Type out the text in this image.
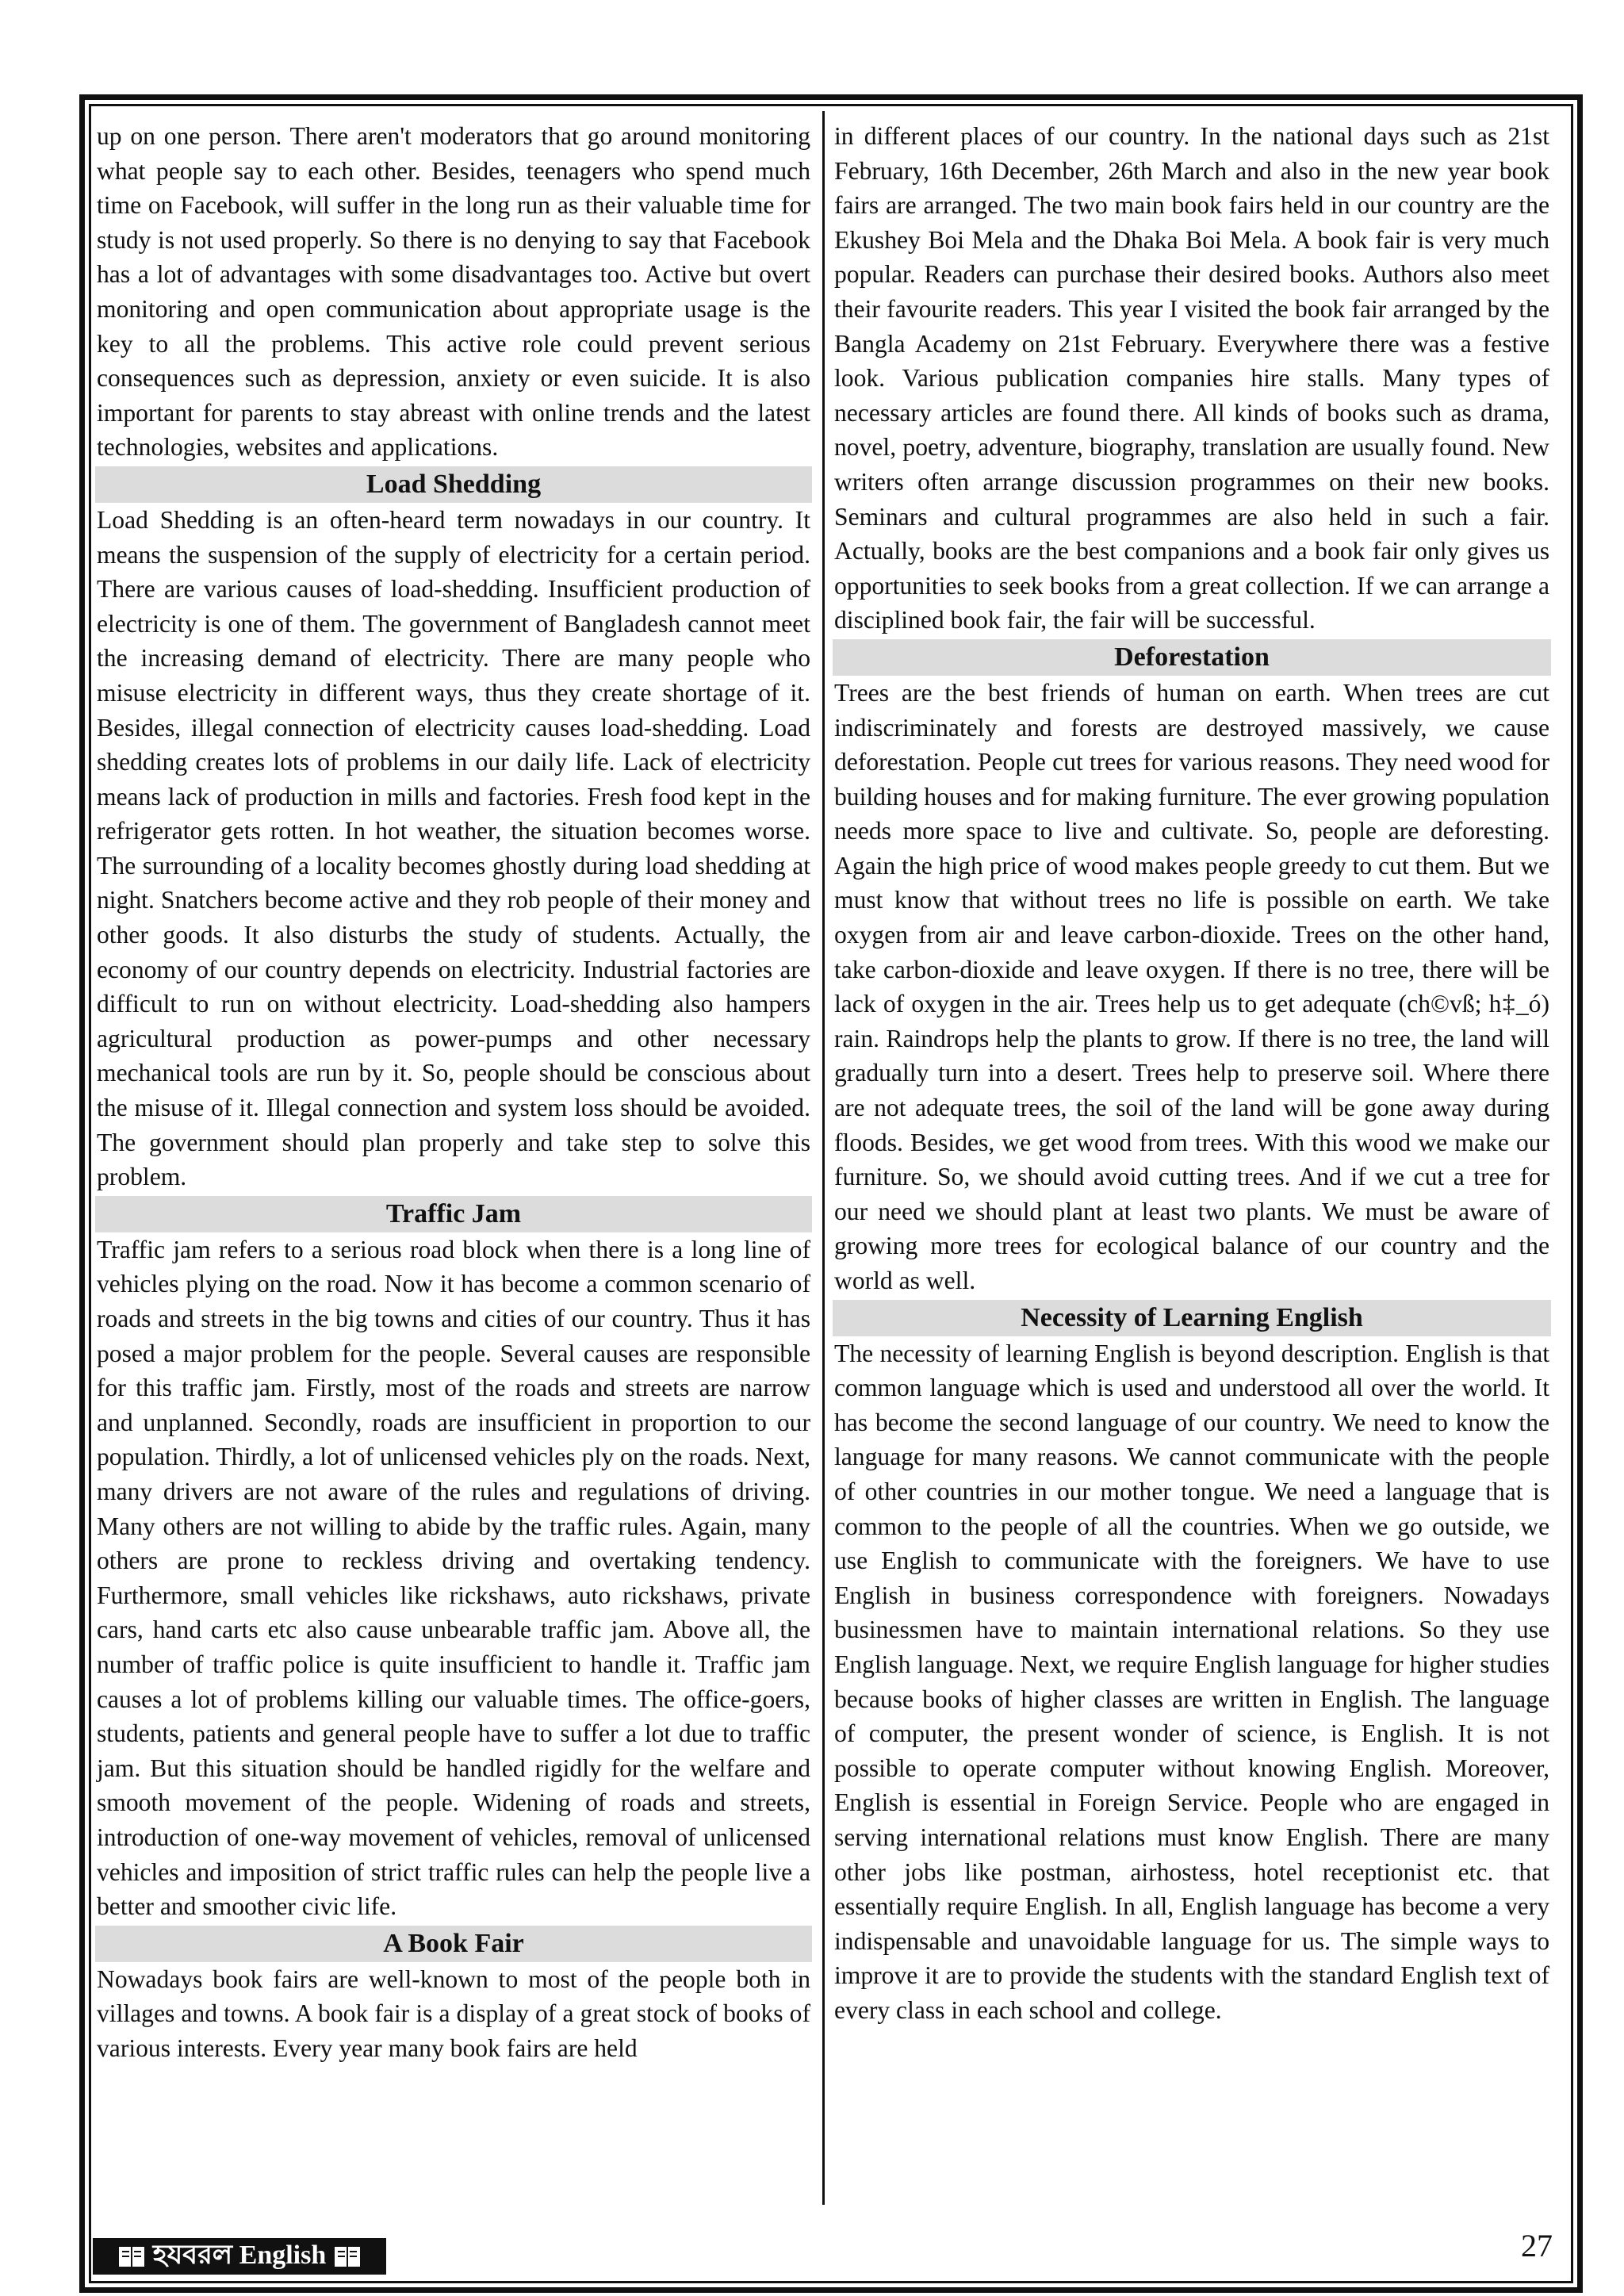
up on one person. There aren't moderators that go around monitoring what people say to each other. Besides, teenagers who spend much time on Facebook, will suffer in the long run as their valuable time for study is not used properly. So there is no denying to say that Facebook has a lot of advantages with some disadvantages too. Active but overt monitoring and open communication about appropriate usage is the key to all the problems. This active role could prevent serious consequences such as depression, anxiety or even suicide. It is also important for parents to stay abreast with online trends and the latest technologies, websites and applications.

Load Shedding

Load Shedding is an often-heard term nowadays in our country. It means the suspension of the supply of electricity for a certain period. There are various causes of load-shedding. Insufficient production of electricity is one of them. The government of Bangladesh cannot meet the increasing demand of electricity. There are many people who misuse electricity in different ways, thus they create shortage of it. Besides, illegal connection of electricity causes load-shedding. Load shedding creates lots of problems in our daily life. Lack of electricity means lack of production in mills and factories. Fresh food kept in the refrigerator gets rotten. In hot weather, the situation becomes worse. The surrounding of a locality becomes ghostly during load shedding at night. Snatchers become active and they rob people of their money and other goods. It also disturbs the study of students. Actually, the economy of our country depends on electricity. Industrial factories are difficult to run on without electricity. Load-shedding also hampers agricultural production as power-pumps and other necessary mechanical tools are run by it. So, people should be conscious about the misuse of it. Illegal connection and system loss should be avoided. The government should plan properly and take step to solve this problem.

Traffic Jam

Traffic jam refers to a serious road block when there is a long line of vehicles plying on the road. Now it has become a common scenario of roads and streets in the big towns and cities of our country. Thus it has posed a major problem for the people. Several causes are responsible for this traffic jam. Firstly, most of the roads and streets are narrow and unplanned. Secondly, roads are insufficient in proportion to our population. Thirdly, a lot of unlicensed vehicles ply on the roads. Next, many drivers are not aware of the rules and regulations of driving. Many others are not willing to abide by the traffic rules. Again, many others are prone to reckless driving and overtaking tendency. Furthermore, small vehicles like rickshaws, auto rickshaws, private cars, hand carts etc also cause unbearable traffic jam. Above all, the number of traffic police is quite insufficient to handle it. Traffic jam causes a lot of problems killing our valuable times. The office-goers, students, patients and general people have to suffer a lot due to traffic jam. But this situation should be handled rigidly for the welfare and smooth movement of the people. Widening of roads and streets, introduction of one-way movement of vehicles, removal of unlicensed vehicles and imposition of strict traffic rules can help the people live a better and smoother civic life.

A Book Fair

Nowadays book fairs are well-known to most of the people both in villages and towns. A book fair is a display of a great stock of books of various interests. Every year many book fairs are held

in different places of our country. In the national days such as 21st February, 16th December, 26th March and also in the new year book fairs are arranged. The two main book fairs held in our country are the Ekushey Boi Mela and the Dhaka Boi Mela. A book fair is very much popular. Readers can purchase their desired books. Authors also meet their favourite readers. This year I visited the book fair arranged by the Bangla Academy on 21st February. Everywhere there was a festive look. Various publication companies hire stalls. Many types of necessary articles are found there. All kinds of books such as drama, novel, poetry, adventure, biography, translation are usually found. New writers often arrange discussion programmes on their new books. Seminars and cultural programmes are also held in such a fair. Actually, books are the best companions and a book fair only gives us opportunities to seek books from a great collection. If we can arrange a disciplined book fair, the fair will be successful.

Deforestation

Trees are the best friends of human on earth. When trees are cut indiscriminately and forests are destroyed massively, we cause deforestation. People cut trees for various reasons. They need wood for building houses and for making furniture. The ever growing population needs more space to live and cultivate. So, people are deforesting. Again the high price of wood makes people greedy to cut them. But we must know that without trees no life is possible on earth. We take oxygen from air and leave carbon-dioxide. Trees on the other hand, take carbon-dioxide and leave oxygen. If there is no tree, there will be lack of oxygen in the air. Trees help us to get adequate (ch©vß; h‡_ó) rain. Raindrops help the plants to grow. If there is no tree, the land will gradually turn into a desert. Trees help to preserve soil. Where there are not adequate trees, the soil of the land will be gone away during floods. Besides, we get wood from trees. With this wood we make our furniture. So, we should avoid cutting trees. And if we cut a tree for our need we should plant at least two plants. We must be aware of growing more trees for ecological balance of our country and the world as well.

Necessity of Learning English

The necessity of learning English is beyond description. English is that common language which is used and understood all over the world. It has become the second language of our country. We need to know the language for many reasons. We cannot communicate with the people of other countries in our mother tongue. We need a language that is common to the people of all the countries. When we go outside, we use English to communicate with the foreigners. We have to use English in business correspondence with foreigners. Nowadays businessmen have to maintain international relations. So they use English language. Next, we require English language for higher studies because books of higher classes are written in English. The language of computer, the present wonder of science, is English. It is not possible to operate computer without knowing English. Moreover, English is essential in Foreign Service. People who are engaged in serving international relations must know English. There are many other jobs like postman, airhostess, hotel receptionist etc. that essentially require English. In all, English language has become a very indispensable and unavoidable language for us. The simple ways to improve it are to provide the students with the standard English text of every class in each school and college.

হযবরল English	27
